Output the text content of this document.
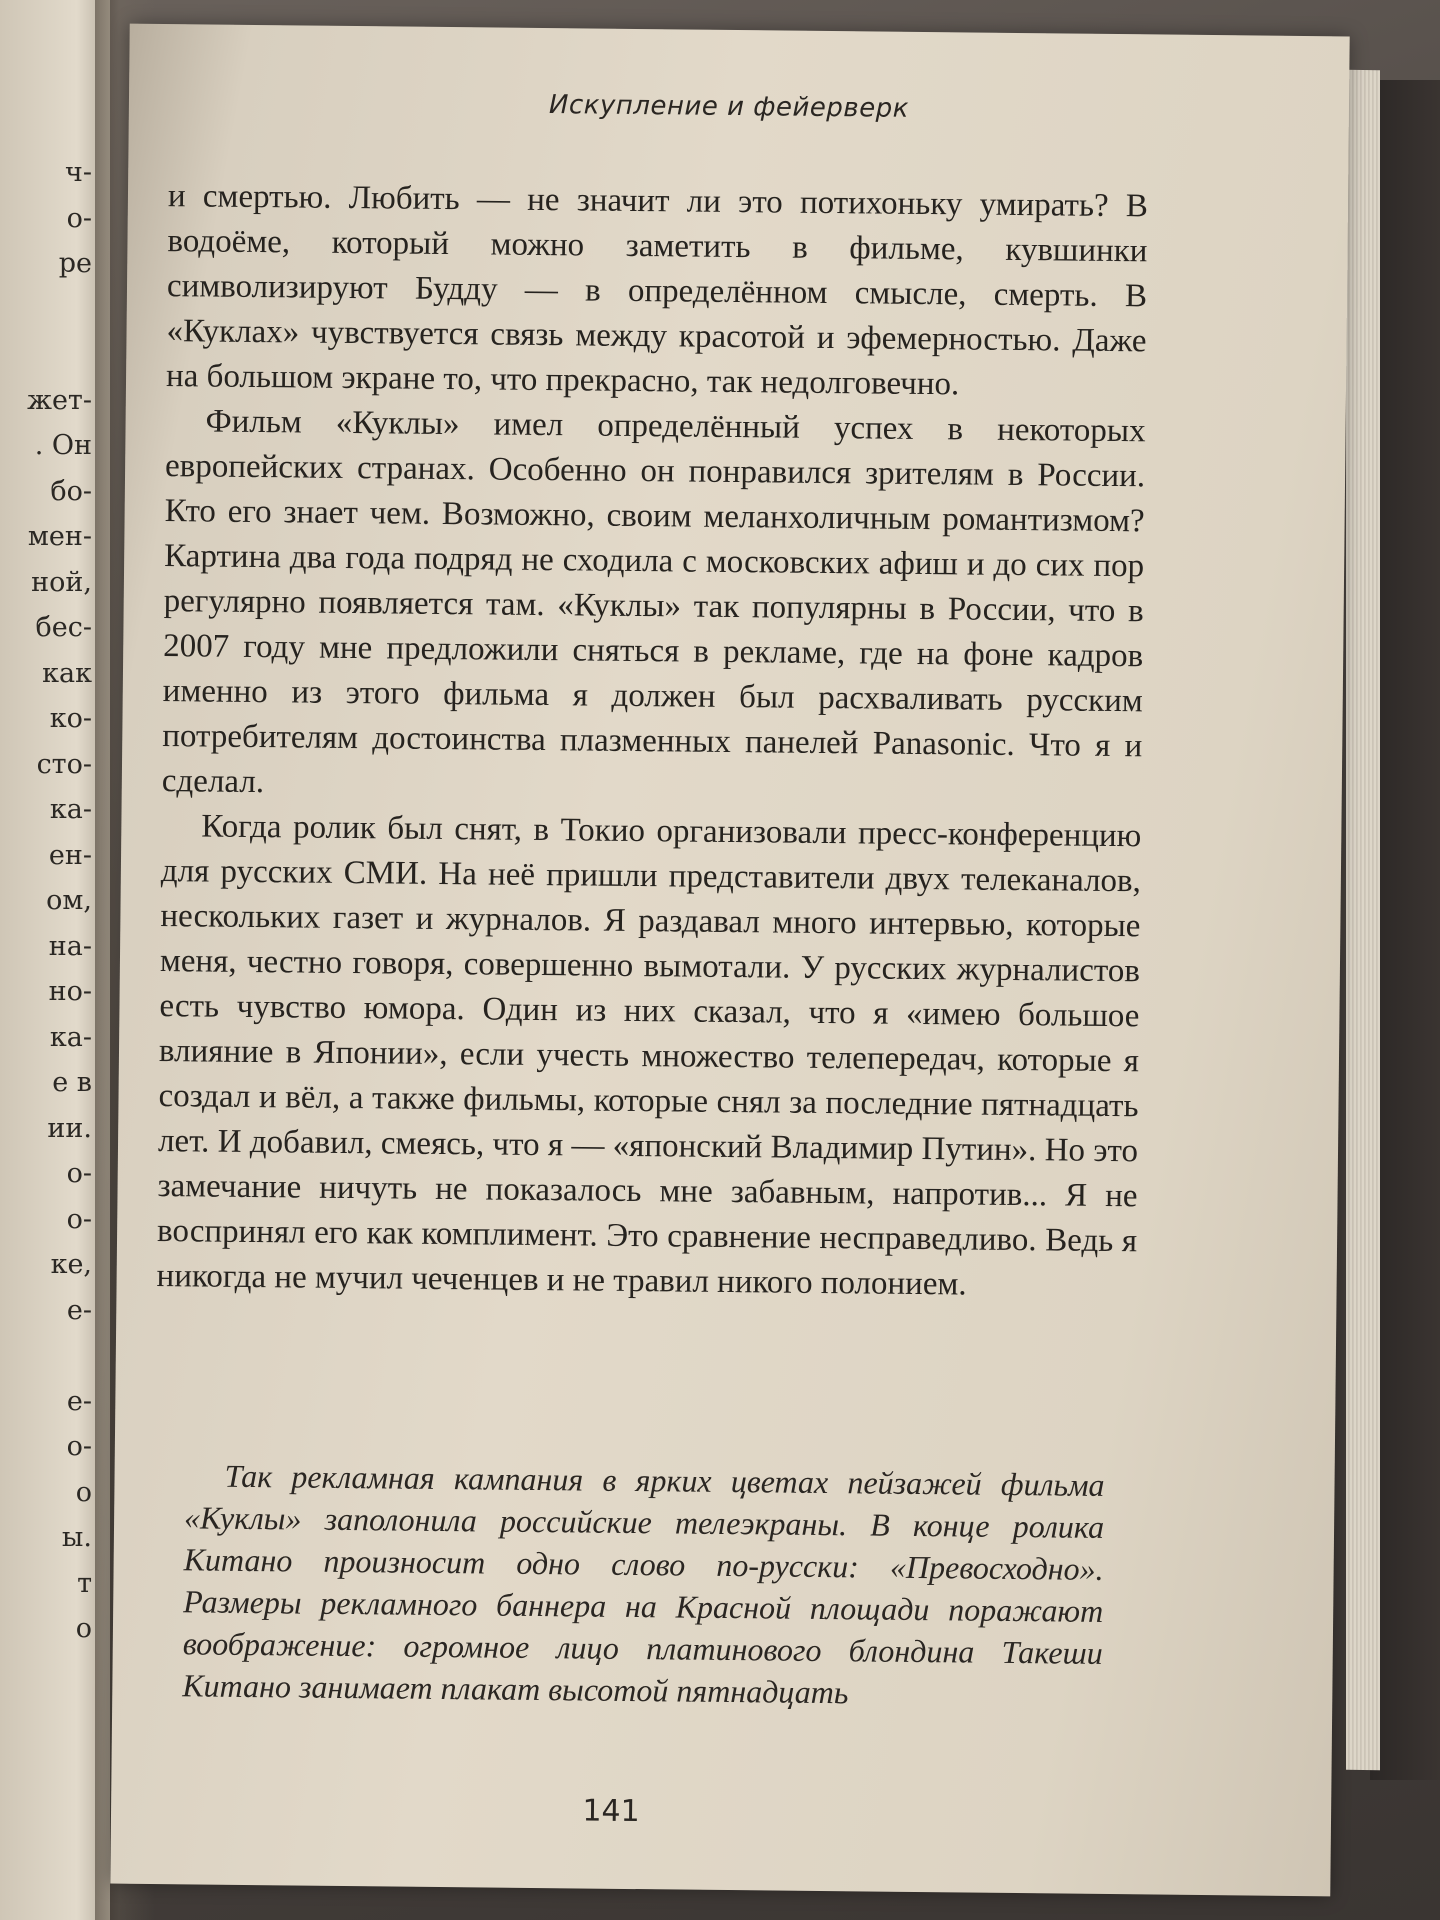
ч-
о-
ре

жет-
. Он
бо-
мен-
ной,
бес-
как
ко-
сто-
ка-
ен-
ом,
на-
но-
ка-
е в
ии.
о-
о-
ке,
е-

е-
о-
о
ы.
т
о
Искупление и фейерверк

и смертью. Любить — не значит ли это потихоньку умирать? В водоёме, который можно заметить в фильме, кувшинки символизируют Будду — в определённом смысле, смерть. В «Куклах» чувствуется связь между красотой и эфемерностью. Даже на большом экране то, что прекрасно, так недолговечно.

Фильм «Куклы» имел определённый успех в некоторых европейских странах. Особенно он понравился зрителям в России. Кто его знает чем. Возможно, своим меланхоличным романтизмом? Картина два года подряд не сходила с московских афиш и до сих пор регулярно появляется там. «Куклы» так популярны в России, что в 2007 году мне предложили сняться в рекламе, где на фоне кадров именно из этого фильма я должен был расхваливать русским потребителям достоинства плазменных панелей Panasonic. Что я и сделал.

Когда ролик был снят, в Токио организовали пресс-конференцию для русских СМИ. На неё пришли представители двух телеканалов, нескольких газет и журналов. Я раздавал много интервью, которые меня, честно говоря, совершенно вымотали. У русских журналистов есть чувство юмора. Один из них сказал, что я «имею большое влияние в Японии», если учесть множество телепередач, которые я создал и вёл, а также фильмы, которые снял за последние пятнадцать лет. И добавил, смеясь, что я — «японский Владимир Путин». Но это замечание ничуть не показалось мне забавным, напротив... Я не воспринял его как комплимент. Это сравнение несправедливо. Ведь я никогда не мучил чеченцев и не травил никого полонием.

Так рекламная кампания в ярких цветах пейзажей фильма «Куклы» заполонила российские телеэкраны. В конце ролика Китано произносит одно слово по-русски: «Превосходно». Размеры рекламного баннера на Красной площади поражают воображение: огромное лицо платинового блондина Такеши Китано занимает плакат высотой пятнадцать

141
